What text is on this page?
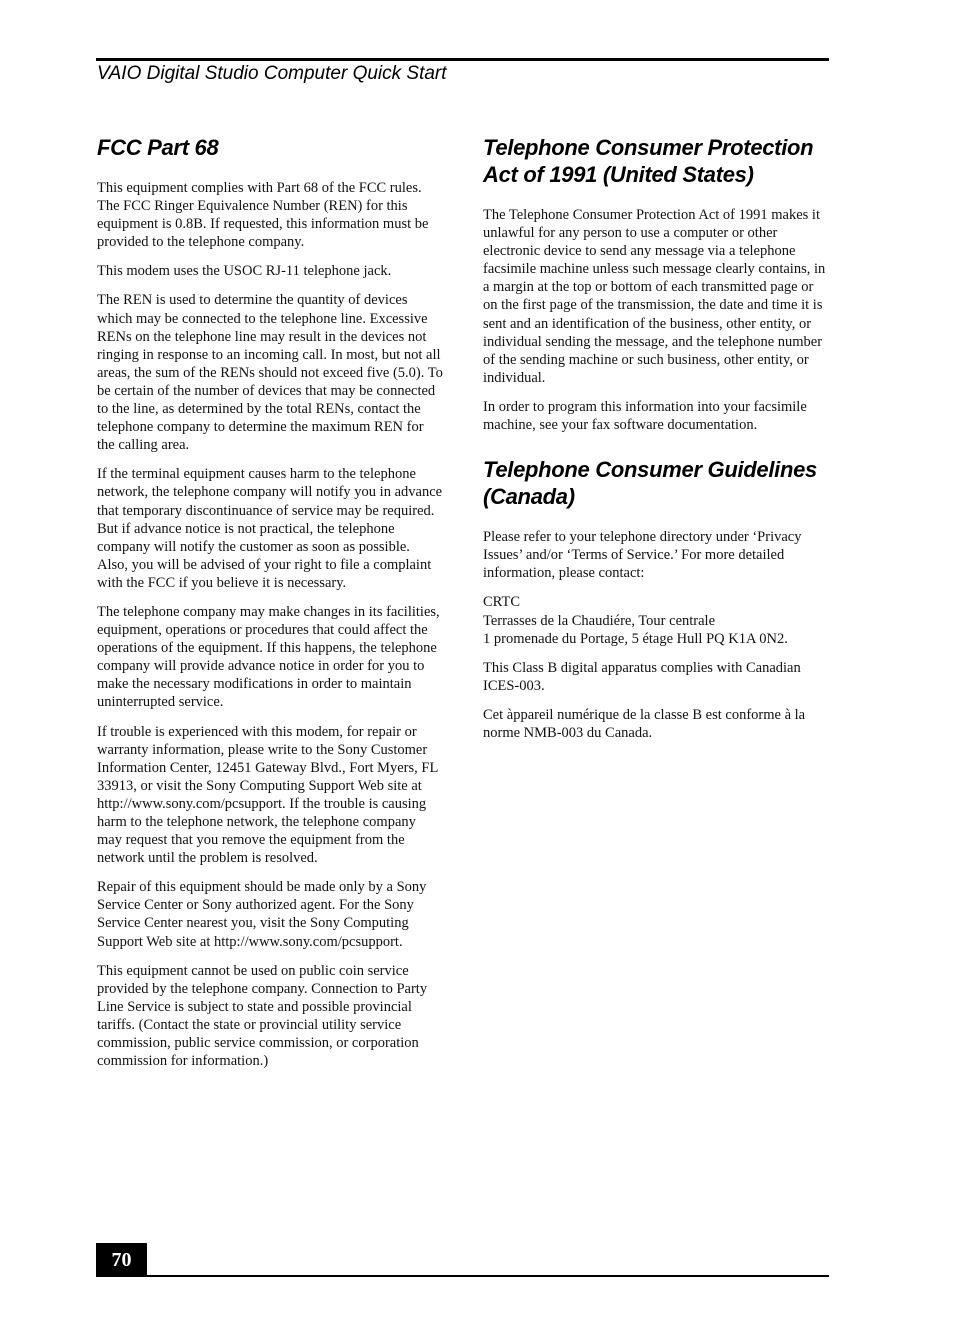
VAIO Digital Studio Computer Quick Start
FCC Part 68

This equipment complies with Part 68 of the FCC rules. The FCC Ringer Equivalence Number (REN) for this equipment is 0.8B. If requested, this information must be provided to the telephone company.

This modem uses the USOC RJ-11 telephone jack.

The REN is used to determine the quantity of devices which may be connected to the telephone line. Excessive RENs on the telephone line may result in the devices not ringing in response to an incoming call. In most, but not all areas, the sum of the RENs should not exceed five (5.0). To be certain of the number of devices that may be connected to the line, as determined by the total RENs, contact the telephone company to determine the maximum REN for the calling area.

If the terminal equipment causes harm to the telephone network, the telephone company will notify you in advance that temporary discontinuance of service may be required. But if advance notice is not practical, the telephone company will notify the customer as soon as possible. Also, you will be advised of your right to file a complaint with the FCC if you believe it is necessary.

The telephone company may make changes in its facilities, equipment, operations or procedures that could affect the operations of the equipment. If this happens, the telephone company will provide advance notice in order for you to make the necessary modifications in order to maintain uninterrupted service.

If trouble is experienced with this modem, for repair or warranty information, please write to the Sony Customer Information Center, 12451 Gateway Blvd., Fort Myers, FL 33913, or visit the Sony Computing Support Web site at http://www.sony.com/pcsupport. If the trouble is causing harm to the telephone network, the telephone company may request that you remove the equipment from the network until the problem is resolved.

Repair of this equipment should be made only by a Sony Service Center or Sony authorized agent. For the Sony Service Center nearest you, visit the Sony Computing Support Web site at http://www.sony.com/pcsupport.

This equipment cannot be used on public coin service provided by the telephone company. Connection to Party Line Service is subject to state and possible provincial tariffs. (Contact the state or provincial utility service commission, public service commission, or corporation commission for information.)

Telephone Consumer Protection Act of 1991 (United States)

The Telephone Consumer Protection Act of 1991 makes it unlawful for any person to use a computer or other electronic device to send any message via a telephone facsimile machine unless such message clearly contains, in a margin at the top or bottom of each transmitted page or on the first page of the transmission, the date and time it is sent and an identification of the business, other entity, or individual sending the message, and the telephone number of the sending machine or such business, other entity, or individual.

In order to program this information into your facsimile machine, see your fax software documentation.

Telephone Consumer Guidelines (Canada)

Please refer to your telephone directory under ‘Privacy Issues’ and/or ‘Terms of Service.’ For more detailed information, please contact:

CRTC
Terrasses de la Chaudiére, Tour centrale
1 promenade du Portage, 5 étage Hull PQ K1A 0N2.

This Class B digital apparatus complies with Canadian ICES-003.

Cet àppareil numérique de la classe B est conforme à la norme NMB-003 du Canada.

70
